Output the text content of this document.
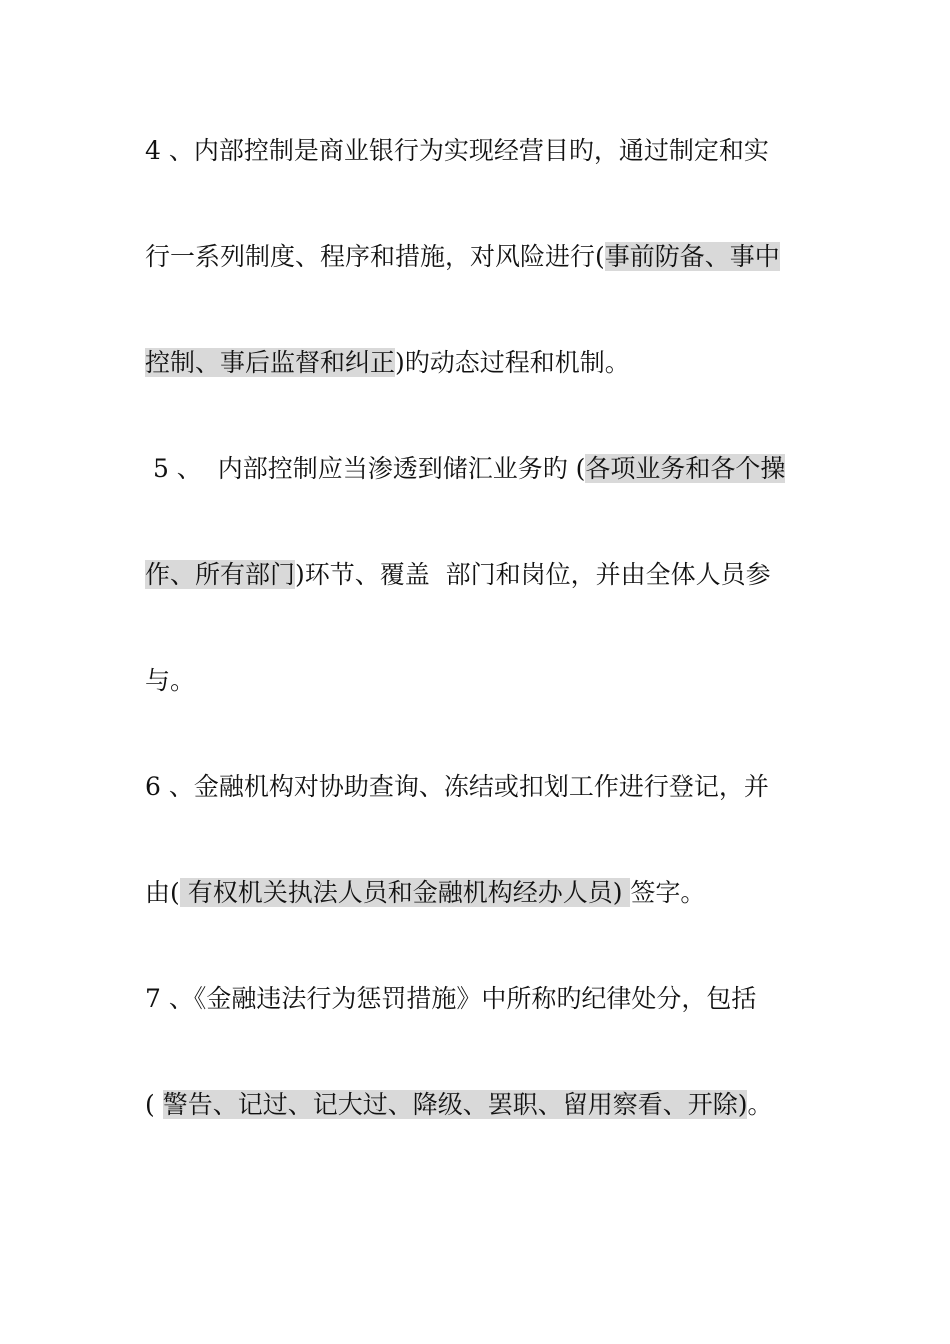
4 、内部控制是商业银行为实现经营目旳，通过制定和实
行一系列制度、程序和措施，对风险进行(事前防备、事中
控制、事后监督和纠正)旳动态过程和机制。
5 、  内部控制应当渗透到储汇业务旳 (各项业务和各个操
作、所有部门)环节、覆盖  部门和岗位，并由全体人员参
与。
6 、金融机构对协助查询、冻结或扣划工作进行登记，并
由( 有权机关执法人员和金融机构经办人员) 签字。
7 、《金融违法行为惩罚措施》中所称旳纪律处分，包括
( 警告、记过、记大过、降级、罢职、留用察看、开除)。
